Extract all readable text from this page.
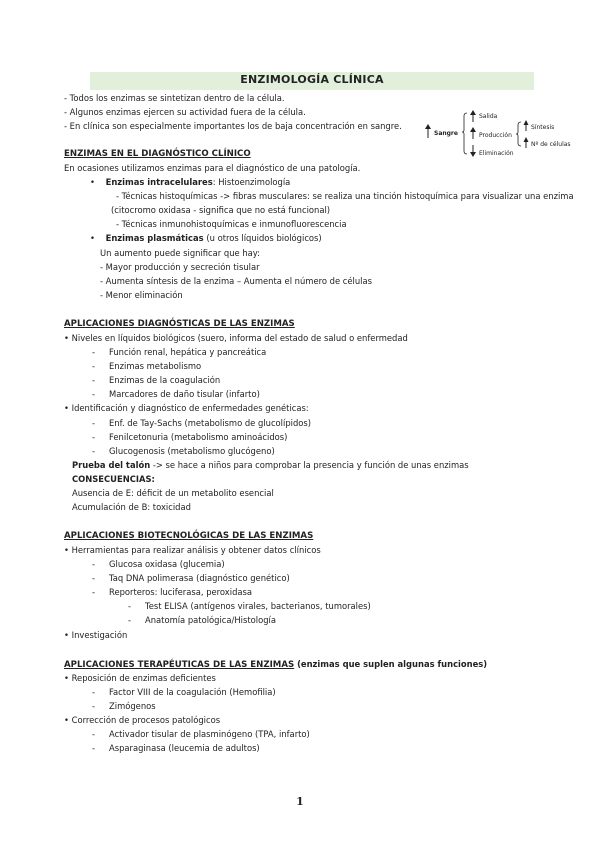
ENZIMOLOGÍA CLÍNICA
- Todos los enzimas se sintetizan dentro de la célula.
- Algunos enzimas ejercen su actividad fuera de la célula.
- En clínica son especialmente importantes los de baja concentración en sangre.
Sangre
Salida
Producción
Eliminación
Síntesis
Nº de células
ENZIMAS EN EL DIAGNÓSTICO CLÍNICO
En ocasiones utilizamos enzimas para el diagnóstico de una patología.
•    Enzimas intracelulares: Histoenzimología
- Técnicas histoquímicas -> fibras musculares: se realiza una tinción histoquímica para visualizar una enzima
(citocromo oxidasa - significa que no está funcional)
- Técnicas inmunohistoquímicas e inmunofluorescencia
•    Enzimas plasmáticas (u otros líquidos biológicos)
Un aumento puede significar que hay:
- Mayor producción y secreción tisular
- Aumenta síntesis de la enzima – Aumenta el número de células
- Menor eliminación
APLICACIONES DIAGNÓSTICAS DE LAS ENZIMAS
• Niveles en líquidos biológicos (suero, informa del estado de salud o enfermedad
- Función renal, hepática y pancreática
- Enzimas metabolismo
- Enzimas de la coagulación
- Marcadores de daño tisular (infarto)
• Identificación y diagnóstico de enfermedades genéticas:
- Enf. de Tay-Sachs (metabolismo de glucolípidos)
- Fenilcetonuria (metabolismo aminoácidos)
- Glucogenosis (metabolismo glucógeno)
Prueba del talón -> se hace a niños para comprobar la presencia y función de unas enzimas
CONSECUENCIAS:
Ausencia de E: déficit de un metabolito esencial
Acumulación de B: toxicidad
APLICACIONES BIOTECNOLÓGICAS DE LAS ENZIMAS
• Herramientas para realizar análisis y obtener datos clínicos
- Glucosa oxidasa (glucemia)
- Taq DNA polimerasa (diagnóstico genético)
- Reporteros: luciferasa, peroxidasa
- Test ELISA (antígenos virales, bacterianos, tumorales)
- Anatomía patológica/Histología
• Investigación
APLICACIONES TERAPÉUTICAS DE LAS ENZIMAS (enzimas que suplen algunas funciones)
• Reposición de enzimas deficientes
- Factor VIII de la coagulación (Hemofilia)
- Zimógenos
• Corrección de procesos patológicos
- Activador tisular de plasminógeno (TPA, infarto)
- Asparaginasa (leucemia de adultos)
1
